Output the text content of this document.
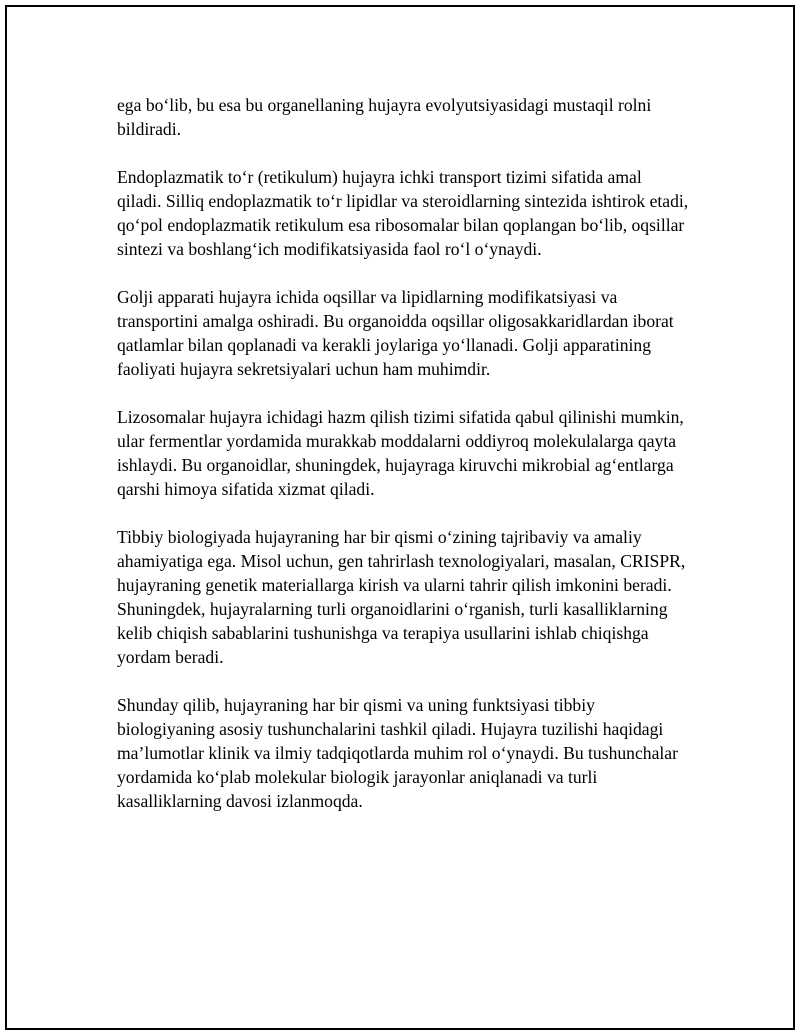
ega bo‘lib, bu esa bu organellaning hujayra evolyutsiyasidagi mustaqil rolni bildiradi.

Endoplazmatik to‘r (retikulum) hujayra ichki transport tizimi sifatida amal qiladi. Silliq endoplazmatik to‘r lipidlar va steroidlarning sintezida ishtirok etadi, qo‘pol endoplazmatik retikulum esa ribosomalar bilan qoplangan bo‘lib, oqsillar sintezi va boshlang‘ich modifikatsiyasida faol ro‘l o‘ynaydi.

Golji apparati hujayra ichida oqsillar va lipidlarning modifikatsiyasi va transportini amalga oshiradi. Bu organoidda oqsillar oligosakkaridlardan iborat qatlamlar bilan qoplanadi va kerakli joylariga yo‘llanadi. Golji apparatining faoliyati hujayra sekretsiyalari uchun ham muhimdir.

Lizosomalar hujayra ichidagi hazm qilish tizimi sifatida qabul qilinishi mumkin, ular fermentlar yordamida murakkab moddalarni oddiyroq molekulalarga qayta ishlaydi. Bu organoidlar, shuningdek, hujayraga kiruvchi mikrobial ag‘entlarga qarshi himoya sifatida xizmat qiladi.

Tibbiy biologiyada hujayraning har bir qismi o‘zining tajribaviy va amaliy ahamiyatiga ega. Misol uchun, gen tahrirlash texnologiyalari, masalan, CRISPR, hujayraning genetik materiallarga kirish va ularni tahrir qilish imkonini beradi. Shuningdek, hujayralarning turli organoidlarini o‘rganish, turli kasalliklarning kelib chiqish sabablarini tushunishga va terapiya usullarini ishlab chiqishga yordam beradi.

Shunday qilib, hujayraning har bir qismi va uning funktsiyasi tibbiy biologiyaning asosiy tushunchalarini tashkil qiladi. Hujayra tuzilishi haqidagi ma’lumotlar klinik va ilmiy tadqiqotlarda muhim rol o‘ynaydi. Bu tushunchalar yordamida ko‘plab molekular biologik jarayonlar aniqlanadi va turli kasalliklarning davosi izlanmoqda.
